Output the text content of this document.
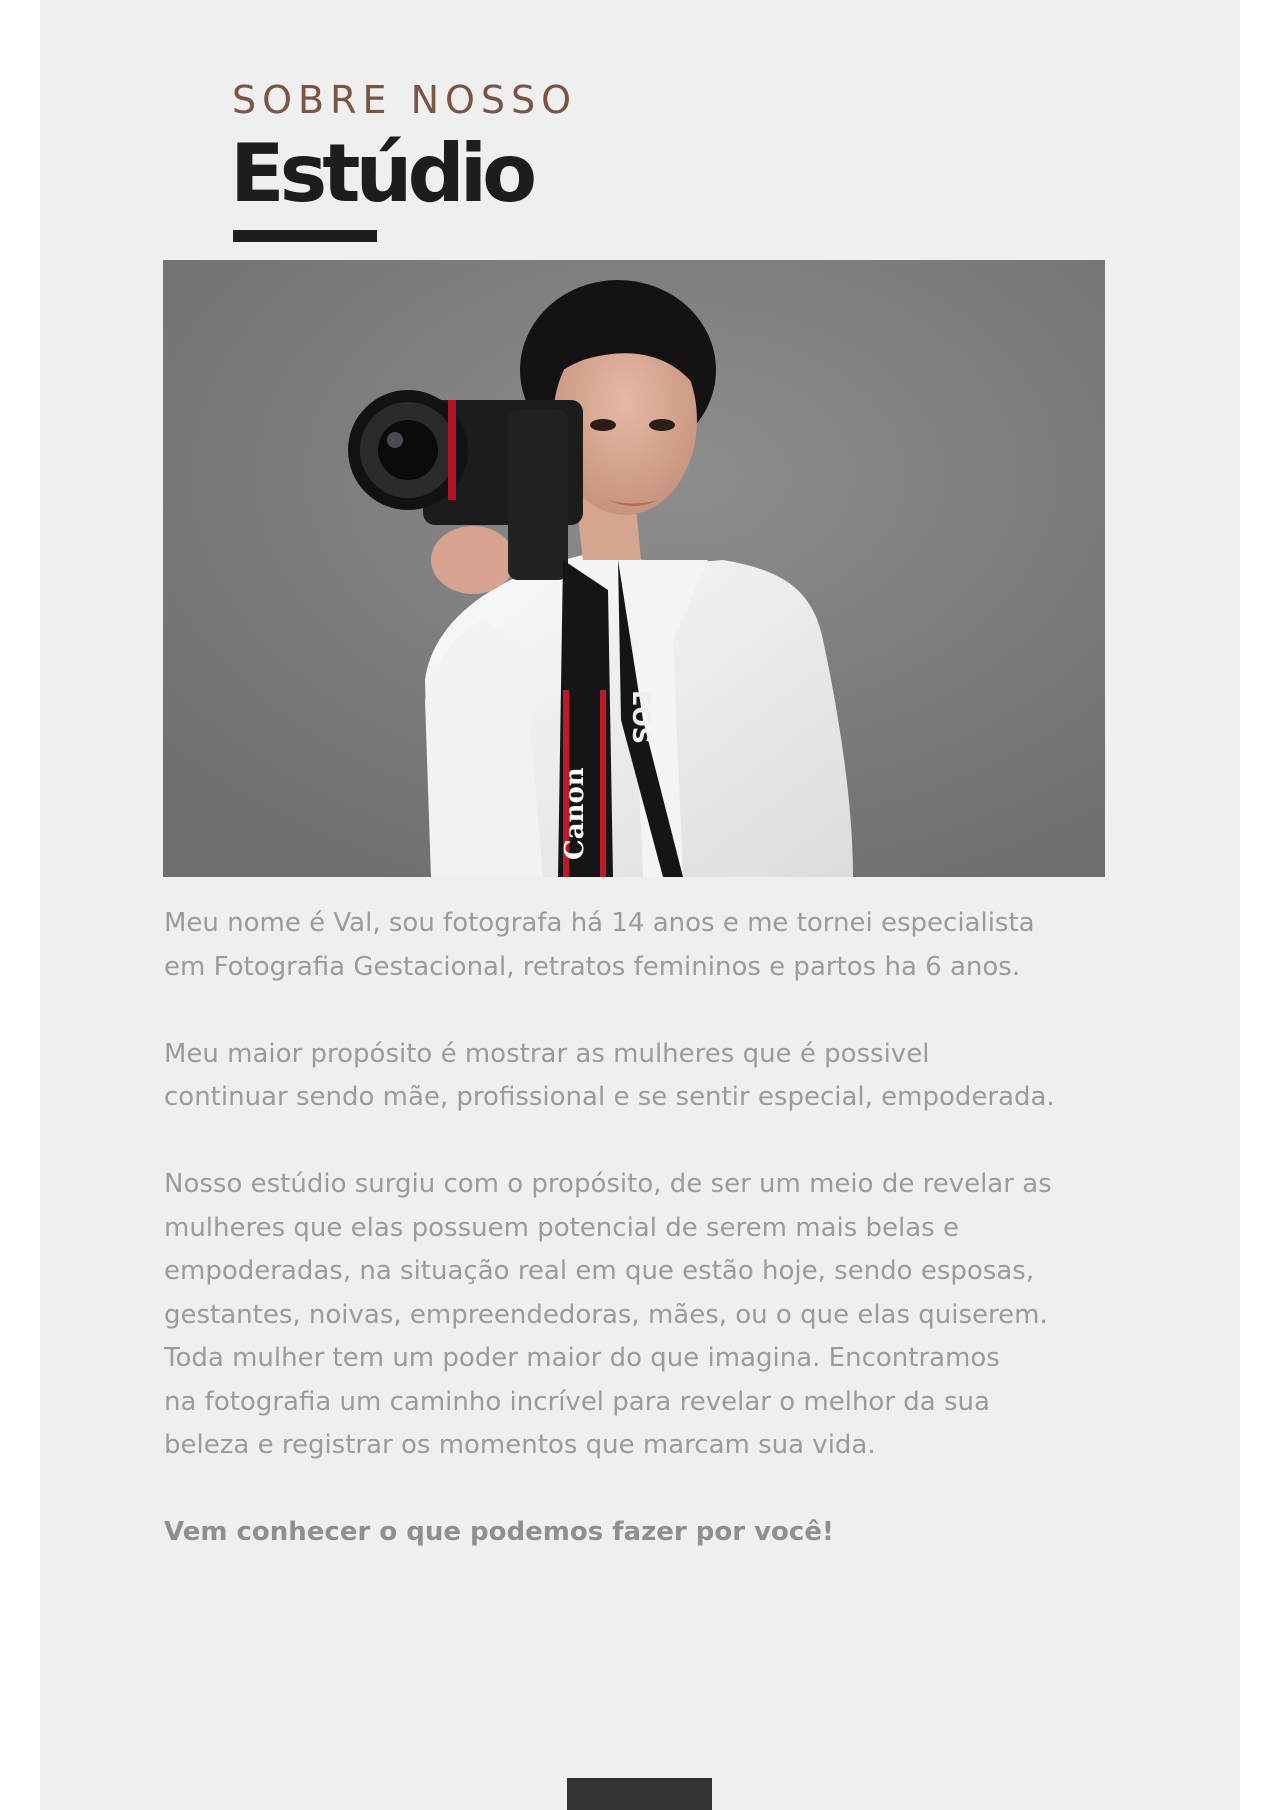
SOBRE NOSSO
Estúdio
Canon
EOS

Meu nome é Val, sou fotografa há 14 anos e me tornei especialista
em Fotografia Gestacional, retratos femininos e partos ha 6 anos.

Meu maior propósito é mostrar as mulheres que é possivel
continuar sendo mãe, profissional e se sentir especial, empoderada.

Nosso estúdio surgiu com o propósito, de ser um meio de revelar as
mulheres que elas possuem potencial de serem mais belas e
empoderadas, na situação real em que estão hoje, sendo esposas,
gestantes, noivas, empreendedoras, mães, ou o que elas quiserem.
Toda mulher tem um poder maior do que imagina. Encontramos
na fotografia um caminho incrível para revelar o melhor da sua
beleza e registrar os momentos que marcam sua vida.

Vem conhecer o que podemos fazer por você!
